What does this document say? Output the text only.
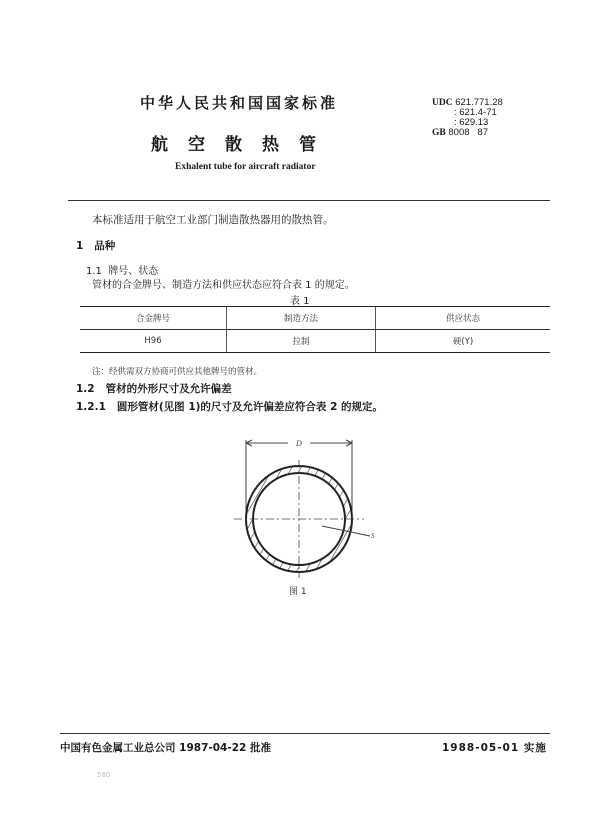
中华人民共和国国家标准
航空散热管
Exhalent tube for aircraft radiator
UDC 621.771.28
: 621.4-71
: 629.13
GB 8008   87
本标准适用于航空工业部门制造散热器用的散热管。
1 品种
1.1 牌号、状态
管材的合金牌号、制造方法和供应状态应符合表 1 的规定。
表 1
合金牌号	制造方法	供应状态
H96	拉制	硬(Y)
注：经供需双方协商可供应其他牌号的管材。
1.2 管材的外形尺寸及允许偏差
1.2.1 圆形管材(见图 1)的尺寸及允许偏差应符合表 2 的规定。
D
S
图 1
中国有色金属工业总公司 1987-04-22 批准	1988-05-01 实施
580
